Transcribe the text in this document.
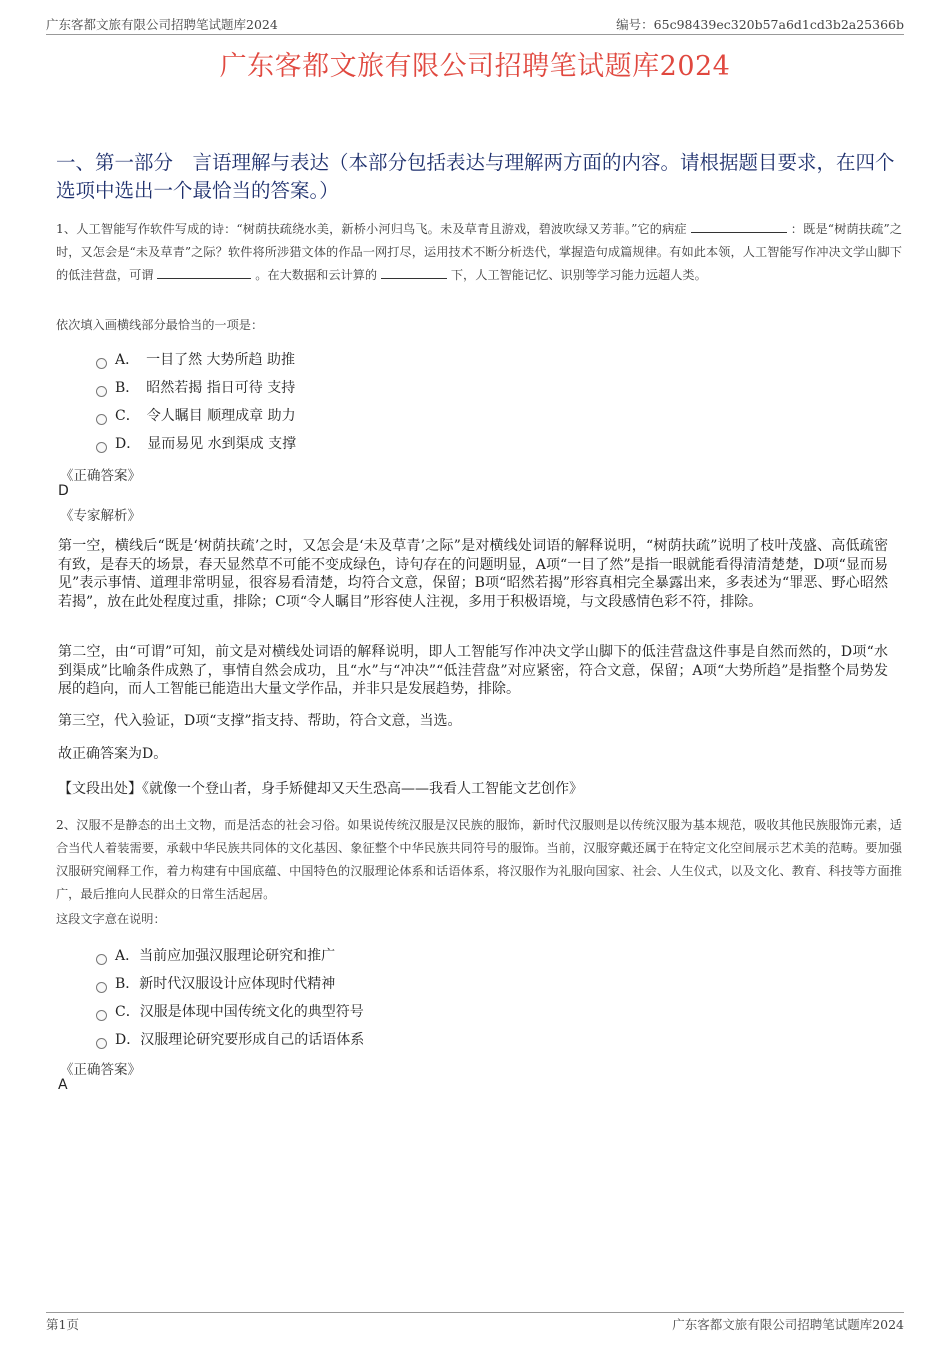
广东客都文旅有限公司招聘笔试题库2024	编号：65c98439ec320b57a6d1cd3b2a25366b
广东客都文旅有限公司招聘笔试题库2024
一、第一部分　言语理解与表达（本部分包括表达与理解两方面的内容。请根据题目要求，在四个选项中选出一个最恰当的答案。）
1、人工智能写作软件写成的诗：“树荫扶疏绕水美，新桥小河归鸟飞。未及草青且游戏，碧波吹绿又芳菲。”它的病症	：既是“树荫扶疏”之时，又怎会是“未及草青”之际？软件将所涉猎文体的作品一网打尽，运用技术不断分析迭代，掌握造句成篇规律。有如此本领，人工智能写作冲决文学山脚下的低洼营盘，可谓	。在大数据和云计算的	下，人工智能记忆、识别等学习能力远超人类。
依次填入画横线部分最恰当的一项是：
A．　一目了然 大势所趋 助推
B．　昭然若揭 指日可待 支持
C．　令人瞩目 顺理成章 助力
D．　显而易见 水到渠成 支撑
《正确答案》
D
《专家解析》
第一空，横线后“既是‘树荫扶疏’之时，又怎会是‘未及草青’之际”是对横线处词语的解释说明，“树荫扶疏”说明了枝叶茂盛、高低疏密有致，是春天的场景，春天显然草不可能不变成绿色，诗句存在的问题明显，A项“一目了然”是指一眼就能看得清清楚楚，D项“显而易见”表示事情、道理非常明显，很容易看清楚，均符合文意，保留；B项“昭然若揭”形容真相完全暴露出来，多表述为“罪恶、野心昭然若揭”，放在此处程度过重，排除；C项“令人瞩目”形容使人注视，多用于积极语境，与文段感情色彩不符，排除。
第二空，由“可谓”可知，前文是对横线处词语的解释说明，即人工智能写作冲决文学山脚下的低洼营盘这件事是自然而然的，D项“水到渠成”比喻条件成熟了，事情自然会成功，且“水”与“冲决”“低洼营盘”对应紧密，符合文意，保留；A项“大势所趋”是指整个局势发展的趋向，而人工智能已能造出大量文学作品，并非只是发展趋势，排除。
第三空，代入验证，D项“支撑”指支持、帮助，符合文意，当选。
故正确答案为D。
【文段出处】《就像一个登山者，身手矫健却又天生恐高——我看人工智能文艺创作》
2、汉服不是静态的出土文物，而是活态的社会习俗。如果说传统汉服是汉民族的服饰，新时代汉服则是以传统汉服为基本规范，吸收其他民族服饰元素，适合当代人着装需要，承载中华民族共同体的文化基因、象征整个中华民族共同符号的服饰。当前，汉服穿戴还属于在特定文化空间展示艺术美的范畴。要加强汉服研究阐释工作，着力构建有中国底蕴、中国特色的汉服理论体系和话语体系，将汉服作为礼服向国家、社会、人生仪式，以及文化、教育、科技等方面推广，最后推向人民群众的日常生活起居。
这段文字意在说明：
A．当前应加强汉服理论研究和推广
B．新时代汉服设计应体现时代精神
C．汉服是体现中国传统文化的典型符号
D．汉服理论研究要形成自己的话语体系
《正确答案》
A
第1页	广东客都文旅有限公司招聘笔试题库2024
